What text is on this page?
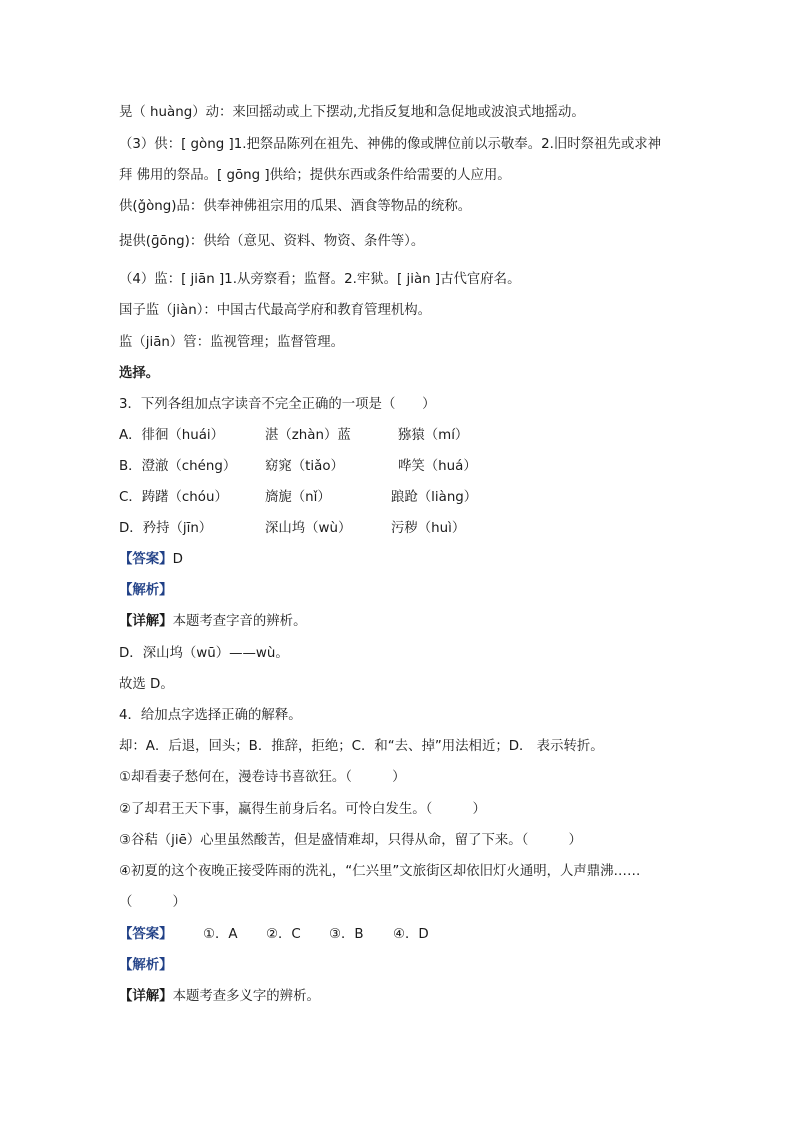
晃（ huàng）动：来回摇动或上下摆动,尤指反复地和急促地或波浪式地摇动。
（3）供：[ gòng ]1.把祭品陈列在祖先、神佛的像或牌位前以示敬奉。2.旧时祭祖先或求神
拜 佛用的祭品。[ gōng ]供给；提供东西或条件给需要的人应用。
供(ɡ̌òng)品：供奉神佛祖宗用的瓜果、酒食等物品的统称。
提供(ɡ̄ōng)：供给（意见、资料、物资、条件等）。
（4）监：[ jiān ]1.从旁察看；监督。2.牢狱。[ jiàn ]古代官府名。
国子监（jiàn）：中国古代最高学府和教育管理机构。
监（jiān）管：监视管理；监督管理。
选择。
3．下列各组加点字读音不完全正确的一项是（　　）
A．徘徊（huái）	湛（zhàn）蓝	猕猿（mí）
B．澄澈（chéng） 窈窕（tiǎo）	哗笑（huá）
C．踌躇（chóu）	旖旎（nǐ）	踉跄（liàng）
D．矜持（jīn）	深山坞（wù）	污秽（huì）
【答案】D
【解析】
【详解】本题考查字音的辨析。
D．深山坞（wū）——wù。
故选 D。
4．给加点字选择正确的解释。
却：A．后退，回头；B．推辞，拒绝；C．和“去、掉”用法相近；D． 表示转折。
①却看妻子愁何在，漫卷诗书喜欲狂。（　　　）
②了却君王天下事，赢得生前身后名。可怜白发生。（　　　）
③谷秸（jiē）心里虽然酸苦，但是盛情难却，只得从命，留了下来。（　　　）
④初夏的这个夜晚正接受阵雨的洗礼，“仁兴里”文旅街区却依旧灯火通明，人声鼎沸……
（　　　）
【答案】 ①．A ②．C ③．B ④．D
【解析】
【详解】本题考查多义字的辨析。
